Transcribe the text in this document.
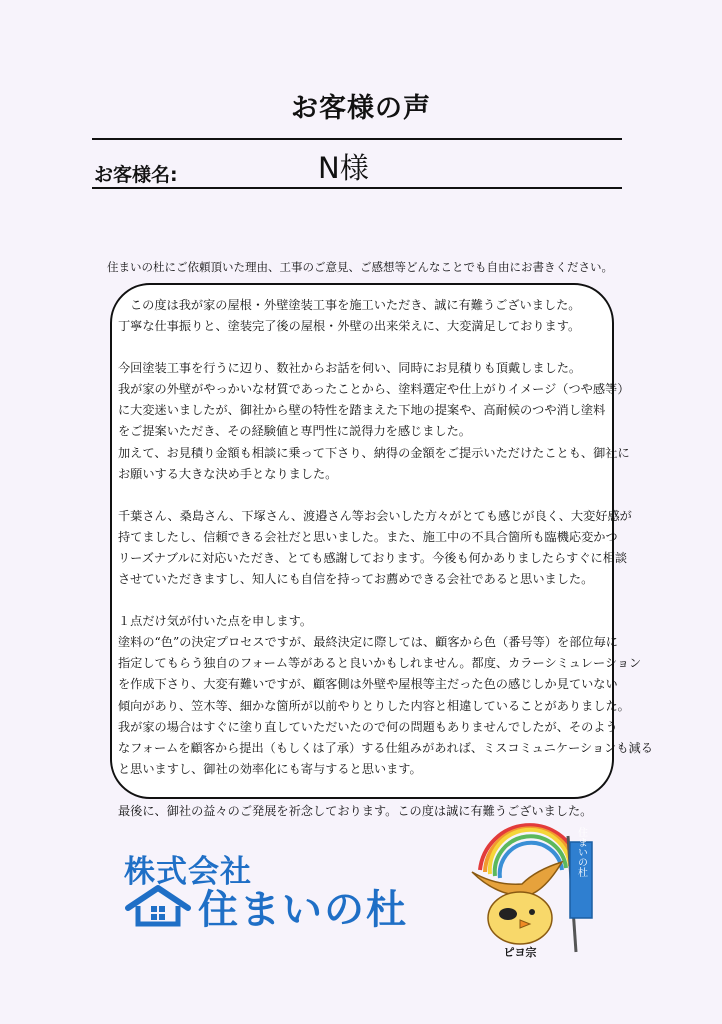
お客様の声
お客様名:	N様
住まいの杜にご依頼頂いた理由、工事のご意見、ご感想等どんなことでも自由にお書きください。
この度は我が家の屋根・外壁塗装工事を施工いただき、誠に有難うございました。
丁寧な仕事振りと、塗装完了後の屋根・外壁の出来栄えに、大変満足しております。
今回塗装工事を行うに辺り、数社からお話を伺い、同時にお見積りも頂戴しました。
我が家の外壁がやっかいな材質であったことから、塗料選定や仕上がりイメージ（つや感等）
に大変迷いましたが、御社から壁の特性を踏まえた下地の提案や、高耐候のつや消し塗料
をご提案いただき、その経験値と専門性に説得力を感じました。
加えて、お見積り金額も相談に乗って下さり、納得の金額をご提示いただけたことも、御社に
お願いする大きな決め手となりました。
千葉さん、桑島さん、下塚さん、渡邉さん等お会いした方々がとても感じが良く、大変好感が
持てましたし、信頼できる会社だと思いました。また、施工中の不具合箇所も臨機応変かつ
リーズナブルに対応いただき、とても感謝しております。今後も何かありましたらすぐに相談
させていただきますし、知人にも自信を持ってお薦めできる会社であると思いました。
１点だけ気が付いた点を申します。
塗料の“色”の決定プロセスですが、最終決定に際しては、顧客から色（番号等）を部位毎に
指定してもらう独自のフォーム等があると良いかもしれません。都度、カラーシミュレーション
を作成下さり、大変有難いですが、顧客側は外壁や屋根等主だった色の感じしか見ていない
傾向があり、笠木等、細かな箇所が以前やりとりした内容と相違していることがありました。
我が家の場合はすぐに塗り直していただいたので何の問題もありませんでしたが、そのよう
なフォームを顧客から提出（もしくは了承）する仕組みがあれば、ミスコミュニケーションも減る
と思いますし、御社の効率化にも寄与すると思います。
最後に、御社の益々のご発展を祈念しております。この度は誠に有難うございました。
株式会社
住まいの杜
住まいの杜
ピヨ宗
